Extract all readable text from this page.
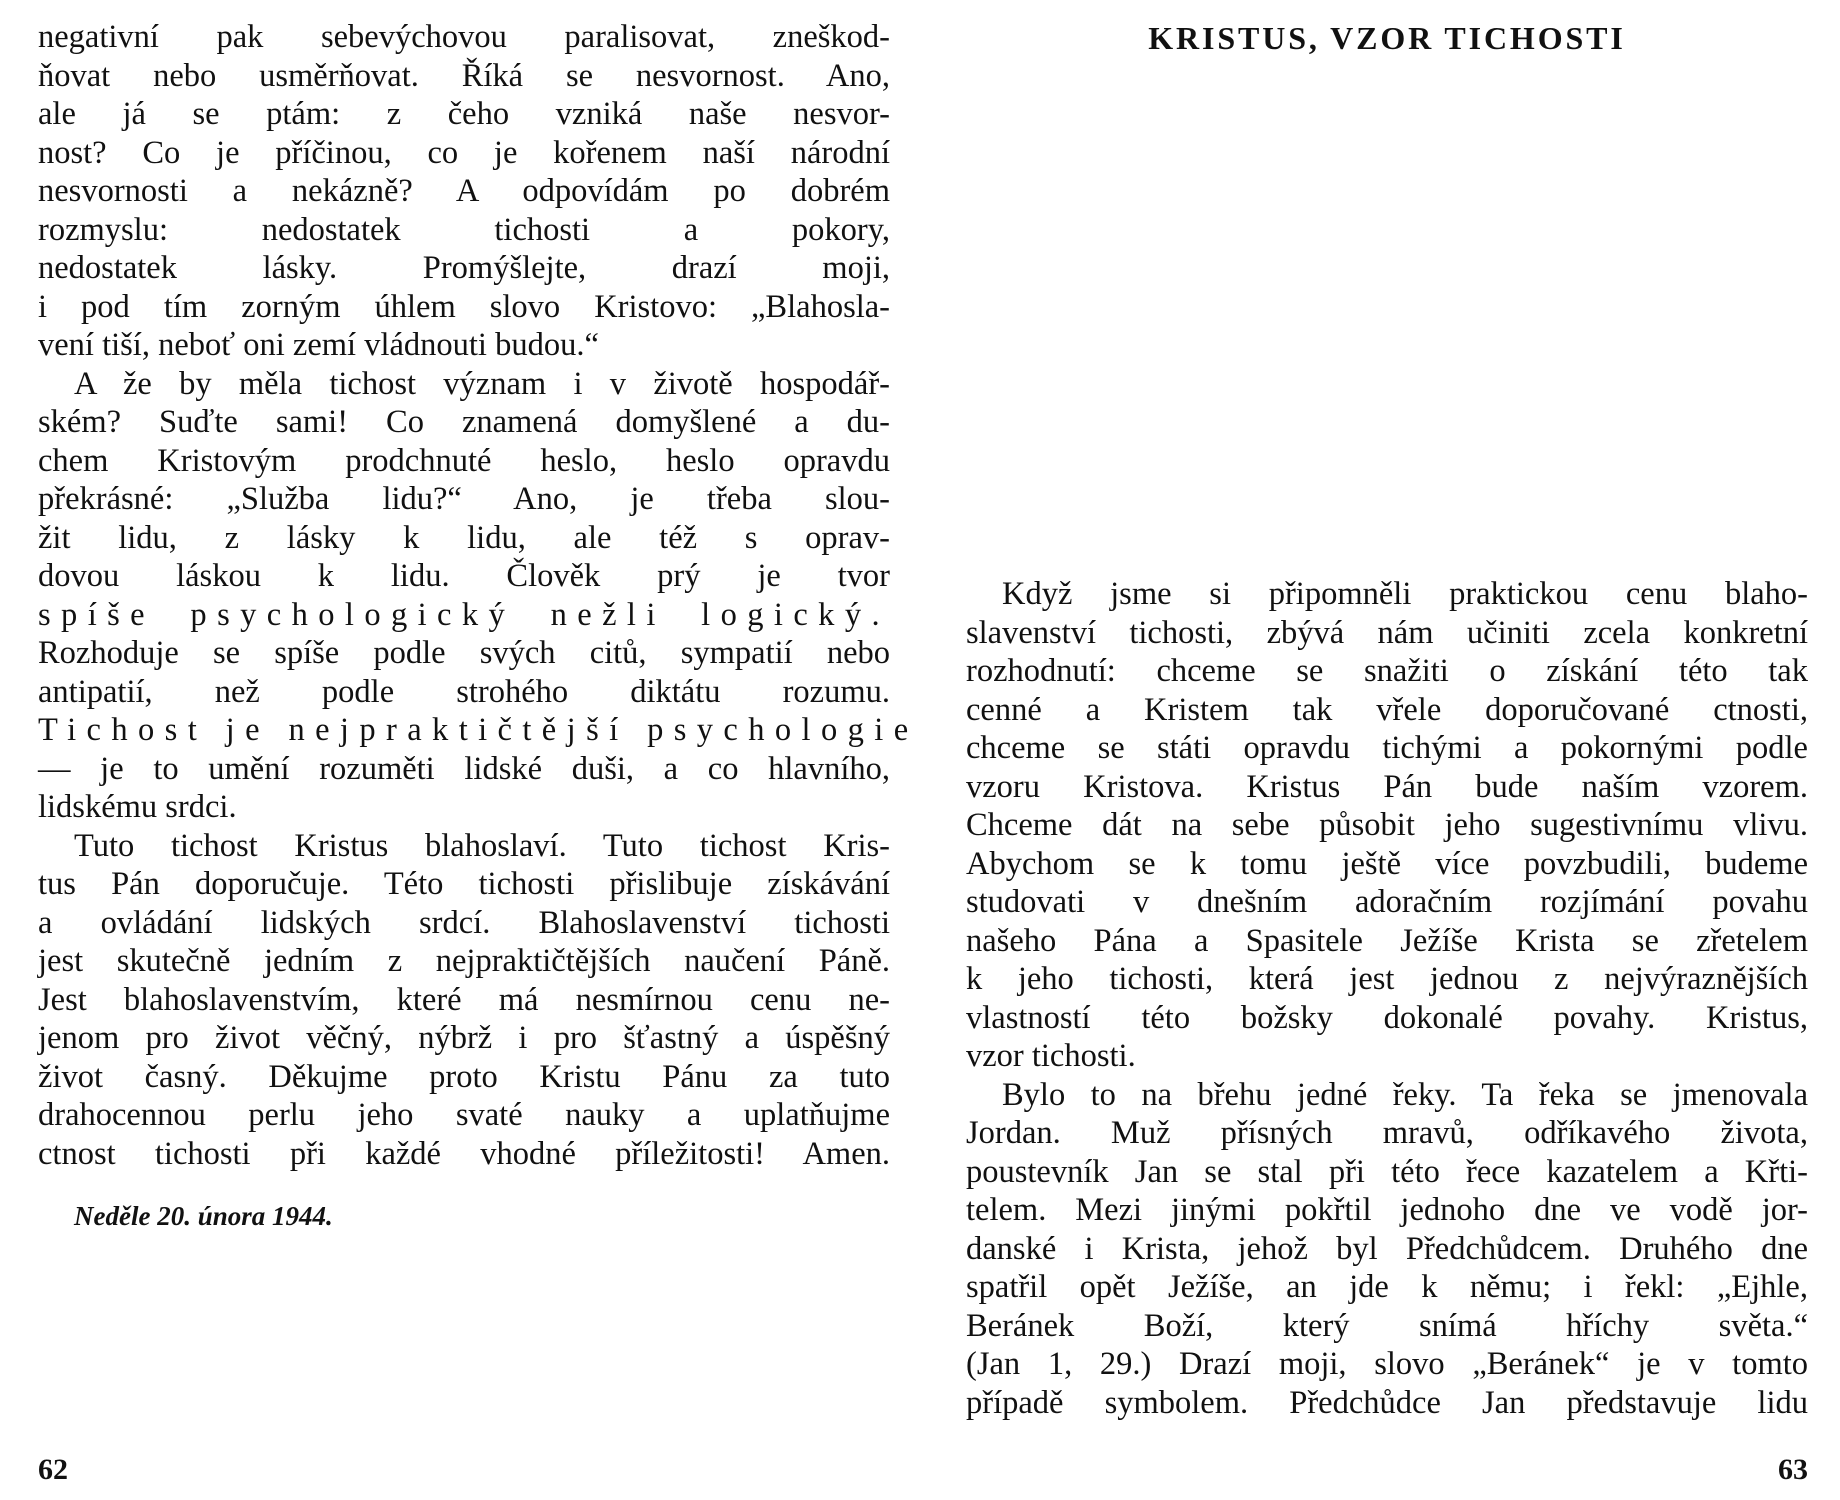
negativní pak sebevýchovou paralisovat, zneškod-
ňovat nebo usměrňovat. Říká se nesvornost. Ano,
ale já se ptám: z čeho vzniká naše nesvor-
nost? Co je příčinou, co je kořenem naší národní
nesvornosti a nekázně? A odpovídám po dobrém
rozmyslu: nedostatek tichosti a pokory,
nedostatek lásky. Promýšlejte, drazí moji,
i pod tím zorným úhlem slovo Kristovo: „Blahosla-
vení tiší, neboť oni zemí vládnouti budou.“
A že by měla tichost význam i v životě hospodář-
ském? Suďte sami! Co znamená domyšlené a du-
chem Kristovým prodchnuté heslo, heslo opravdu
překrásné: „Služba lidu?“ Ano, je třeba slou-
žit lidu, z lásky k lidu, ale též s oprav-
dovou láskou k lidu. Člověk prý je tvor
spíše psychologický nežli logický.
Rozhoduje se spíše podle svých citů, sympatií nebo
antipatií, než podle strohého diktátu rozumu.
Tichost je nejpraktičtější psychologie
— je to umění rozuměti lidské duši, a co hlavního,
lidskému srdci.
Tuto tichost Kristus blahoslaví. Tuto tichost Kris-
tus Pán doporučuje. Této tichosti přislibuje získávání
a ovládání lidských srdcí. Blahoslavenství tichosti
jest skutečně jedním z nejpraktičtějších naučení Páně.
Jest blahoslavenstvím, které má nesmírnou cenu ne-
jenom pro život věčný, nýbrž i pro šťastný a úspěšný
život časný. Děkujme proto Kristu Pánu za tuto
drahocennou perlu jeho svaté nauky a uplatňujme
ctnost tichosti při každé vhodné příležitosti! Amen.
Neděle 20. února 1944.
62
KRISTUS, VZOR TICHOSTI
Když jsme si připomněli praktickou cenu blaho-
slavenství tichosti, zbývá nám učiniti zcela konkretní
rozhodnutí: chceme se snažiti o získání této tak
cenné a Kristem tak vřele doporučované ctnosti,
chceme se státi opravdu tichými a pokornými podle
vzoru Kristova. Kristus Pán bude naším vzorem.
Chceme dát na sebe působit jeho sugestivnímu vlivu.
Abychom se k tomu ještě více povzbudili, budeme
studovati v dnešním adoračním rozjímání povahu
našeho Pána a Spasitele Ježíše Krista se zřetelem
k jeho tichosti, která jest jednou z nejvýraznějších
vlastností této božsky dokonalé povahy. Kristus,
vzor tichosti.
Bylo to na břehu jedné řeky. Ta řeka se jmenovala
Jordan. Muž přísných mravů, odříkavého života,
poustevník Jan se stal při této řece kazatelem a Křti-
telem. Mezi jinými pokřtil jednoho dne ve vodě jor-
danské i Krista, jehož byl Předchůdcem. Druhého dne
spatřil opět Ježíše, an jde k němu; i řekl: „Ejhle,
Beránek Boží, který snímá hříchy světa.“
(Jan 1, 29.) Drazí moji, slovo „Beránek“ je v tomto
případě symbolem. Předchůdce Jan představuje lidu
63
